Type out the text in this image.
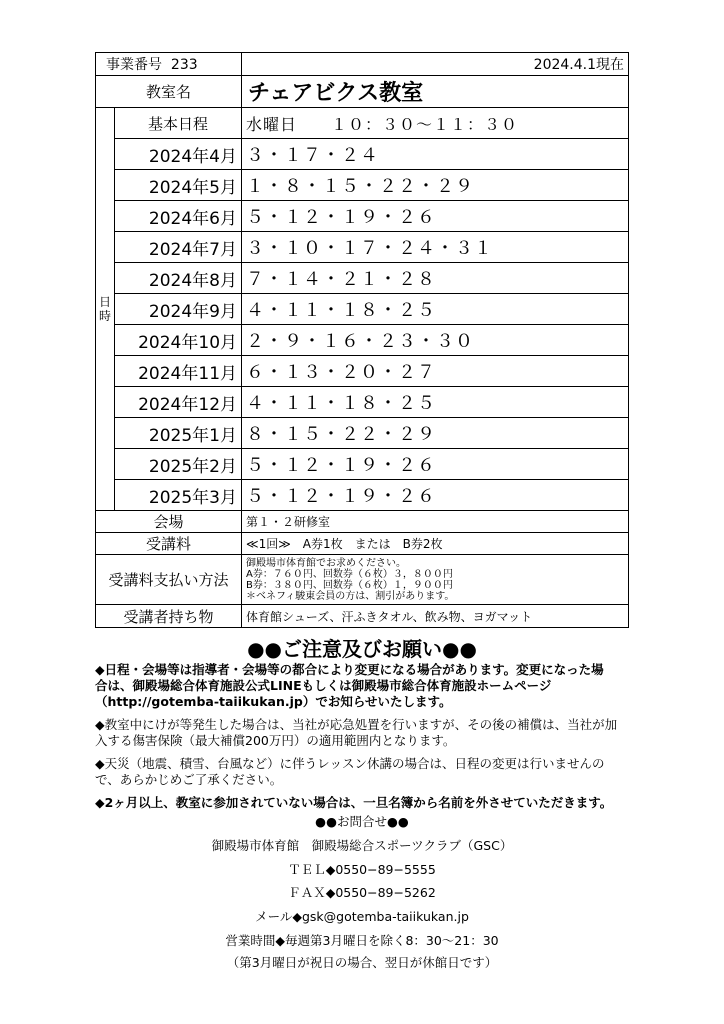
事業番号 233		2024.4.1現在
教室名		チェアビクス教室

日
時	基本日程	水曜日　　１０：３０〜１１：３０
	2024年4月	３・１７・２４
	2024年5月	１・８・１５・２２・２９
	2024年6月	５・１２・１９・２６
	2024年7月	３・１０・１７・２４・３１
	2024年8月	７・１４・２１・２８
	2024年9月	４・１１・１８・２５
	2024年10月	２・９・１６・２３・３０
	2024年11月	６・１３・２０・２７
	2024年12月	４・１１・１８・２５
	2025年1月	８・１５・２２・２９
	2025年2月	５・１２・１９・２６
	2025年3月	５・１２・１９・２６
会場		第１・２研修室
受講料		≪1回≫　A券1枚　または　B券2枚
受講料支払い方法		御殿場市体育館でお求めください。
A券：７６０円、回数券（６枚）３，８００円
B券：３８０円、回数券（６枚）１，９００円
＊ベネフィ駿東会員の方は、割引があります。

受講者持ち物		体育館シューズ、汗ふきタオル、飲み物、ヨガマット
●●ご注意及びお願い●●
◆日程・会場等は指導者・会場等の都合により変更になる場合があります。変更になった場
合は、御殿場総合体育施設公式LINEもしくは御殿場市総合体育施設ホームページ
（http://gotemba-taiikukan.jp）でお知らせいたします。
◆教室中にけが等発生した場合は、当社が応急処置を行いますが、その後の補償は、当社が加
入する傷害保険（最大補償200万円）の適用範囲内となります。
◆天災（地震、積雪、台風など）に伴うレッスン休講の場合は、日程の変更は行いませんの
で、あらかじめご了承ください。
◆2ヶ月以上、教室に参加されていない場合は、一旦名簿から名前を外させていただきます。
●●お問合せ●●
御殿場市体育館　御殿場総合スポーツクラブ（GSC）
ＴＥＬ◆0550−89−5555
ＦＡＸ◆0550−89−5262
メール◆gsk@gotemba-taiikukan.jp
営業時間◆毎週第3月曜日を除く8：30〜21：30
（第3月曜日が祝日の場合、翌日が休館日です）
